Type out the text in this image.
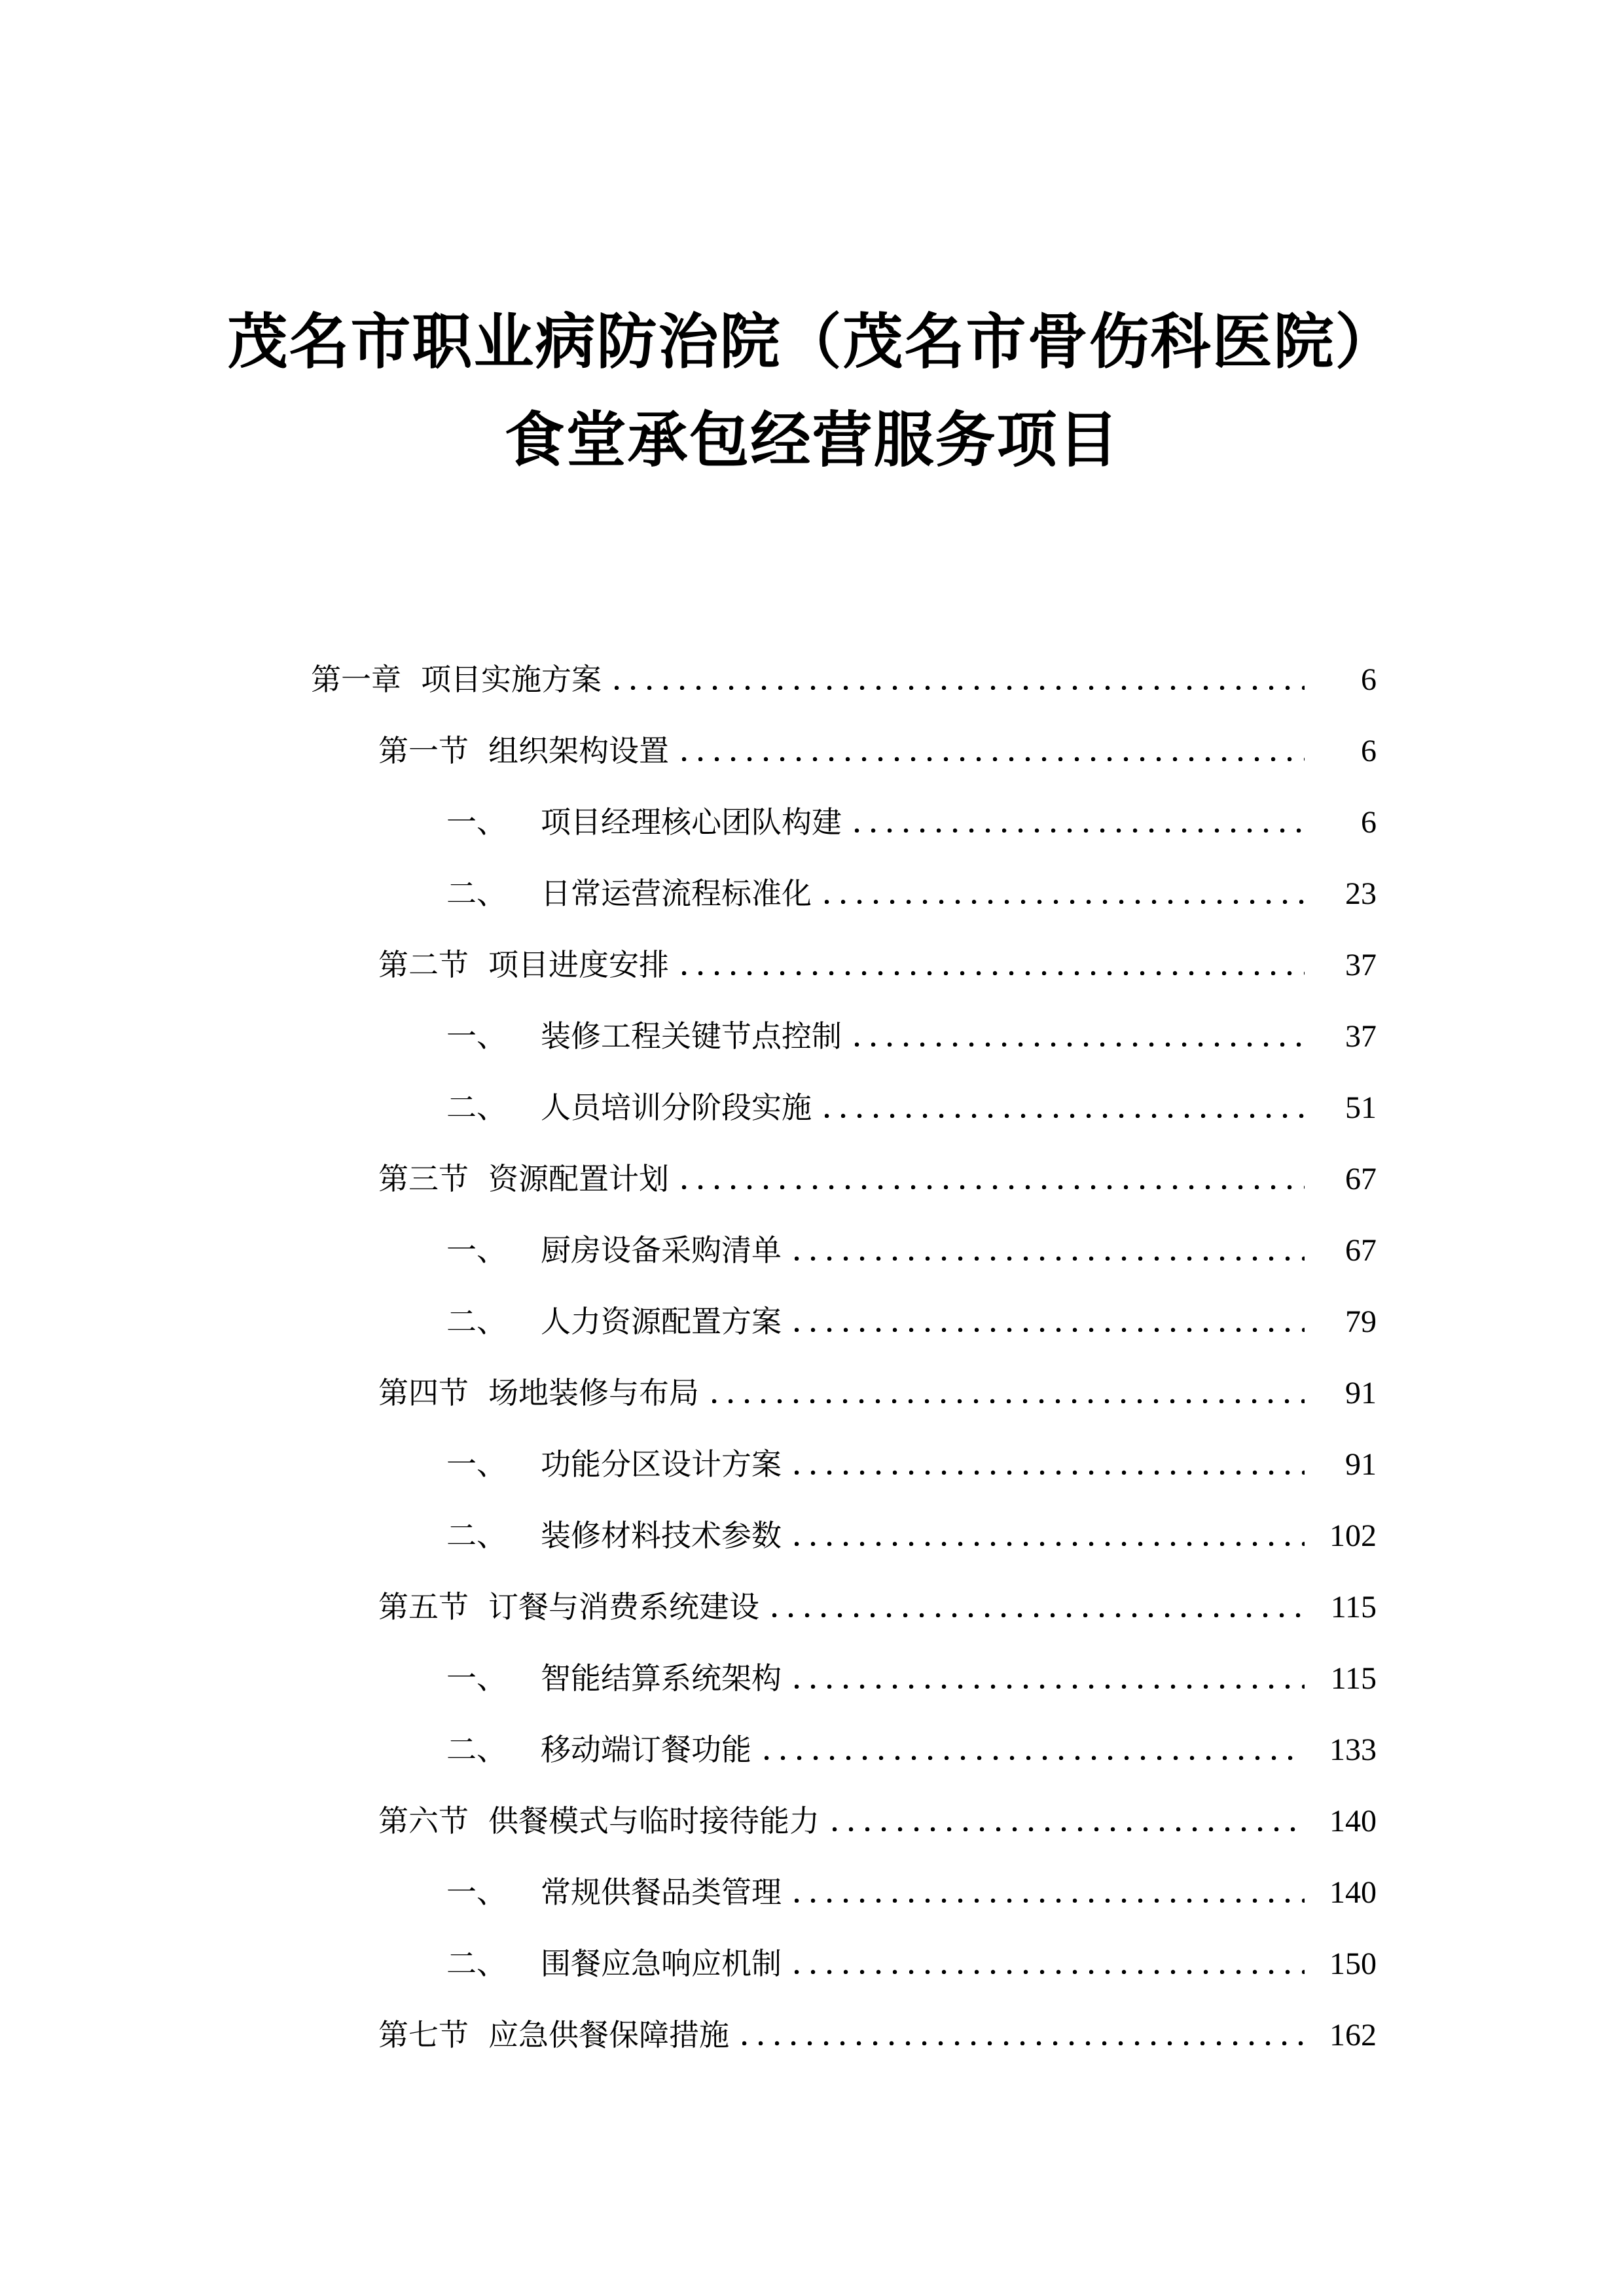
茂名市职业病防治院（茂名市骨伤科医院）
食堂承包经营服务项目
第一章 项目实施方案	6
第一节 组织架构设置	6
一、 项目经理核心团队构建	6
二、 日常运营流程标准化	23
第二节 项目进度安排	37
一、 装修工程关键节点控制	37
二、 人员培训分阶段实施	51
第三节 资源配置计划	67
一、 厨房设备采购清单	67
二、 人力资源配置方案	79
第四节 场地装修与布局	91
一、 功能分区设计方案	91
二、 装修材料技术参数	102
第五节 订餐与消费系统建设	115
一、 智能结算系统架构	115
二、 移动端订餐功能	133
第六节 供餐模式与临时接待能力	140
一、 常规供餐品类管理	140
二、 围餐应急响应机制	150
第七节 应急供餐保障措施	162
